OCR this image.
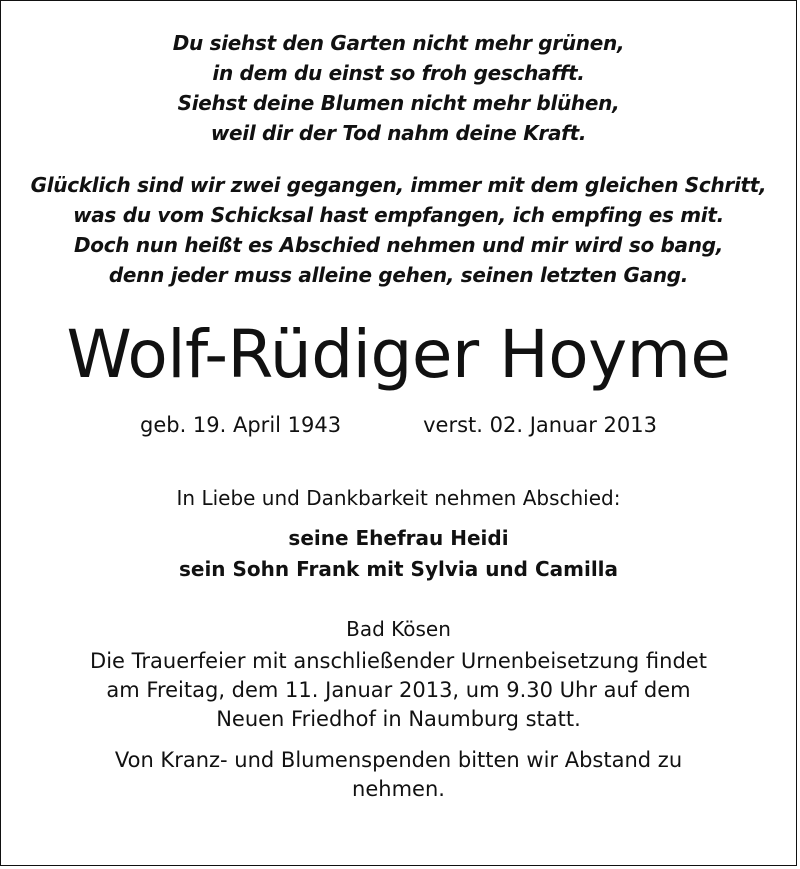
Du siehst den Garten nicht mehr grünen,
in dem du einst so froh geschafft.
Siehst deine Blumen nicht mehr blühen,
weil dir der Tod nahm deine Kraft.
Glücklich sind wir zwei gegangen, immer mit dem gleichen Schritt,
was du vom Schicksal hast empfangen, ich empfing es mit.
Doch nun heißt es Abschied nehmen und mir wird so bang,
denn jeder muss alleine gehen, seinen letzten Gang.
Wolf-Rüdiger Hoyme
geb. 19. April 1943	verst. 02. Januar 2013
In Liebe und Dankbarkeit nehmen Abschied:
seine Ehefrau Heidi
sein Sohn Frank mit Sylvia und Camilla
Bad Kösen
Die Trauerfeier mit anschließender Urnenbeisetzung findet
am Freitag, dem 11. Januar 2013, um 9.30 Uhr auf dem
Neuen Friedhof in Naumburg statt.
Von Kranz- und Blumenspenden bitten wir Abstand zu
nehmen.
